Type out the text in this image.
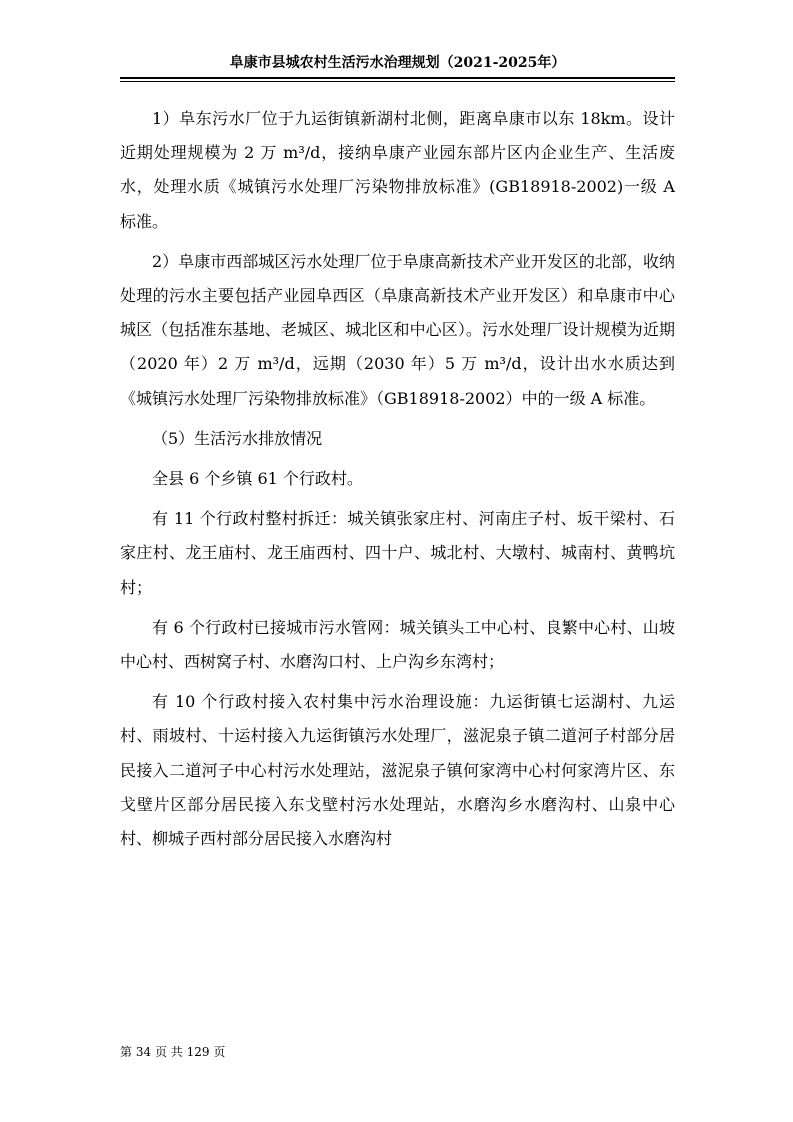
阜康市县城农村生活污水治理规划（2021-2025年）

1）阜东污水厂位于九运街镇新湖村北侧，距离阜康市以东 18km。设计近期处理规模为 2 万 m³/d，接纳阜康产业园东部片区内企业生产、生活废水，处理水质《城镇污水处理厂污染物排放标准》(GB18918-2002)一级 A 标准。

2）阜康市西部城区污水处理厂位于阜康高新技术产业开发区的北部，收纳处理的污水主要包括产业园阜西区（阜康高新技术产业开发区）和阜康市中心城区（包括准东基地、老城区、城北区和中心区）。污水处理厂设计规模为近期（2020 年）2 万 m³/d，远期（2030 年）5 万 m³/d，设计出水水质达到《城镇污水处理厂污染物排放标准》（GB18918-2002）中的一级 A 标准。

（5）生活污水排放情况

全县 6 个乡镇 61 个行政村。

有 11 个行政村整村拆迁：城关镇张家庄村、河南庄子村、坂干梁村、石家庄村、龙王庙村、龙王庙西村、四十户、城北村、大墩村、城南村、黄鸭坑村；

有 6 个行政村已接城市污水管网：城关镇头工中心村、良繁中心村、山坡中心村、西树窝子村、水磨沟口村、上户沟乡东湾村；

有 10 个行政村接入农村集中污水治理设施：九运街镇七运湖村、九运村、雨坡村、十运村接入九运街镇污水处理厂，滋泥泉子镇二道河子村部分居民接入二道河子中心村污水处理站，滋泥泉子镇何家湾中心村何家湾片区、东戈壁片区部分居民接入东戈壁村污水处理站，水磨沟乡水磨沟村、山泉中心村、柳城子西村部分居民接入水磨沟村

第 34 页 共 129 页
